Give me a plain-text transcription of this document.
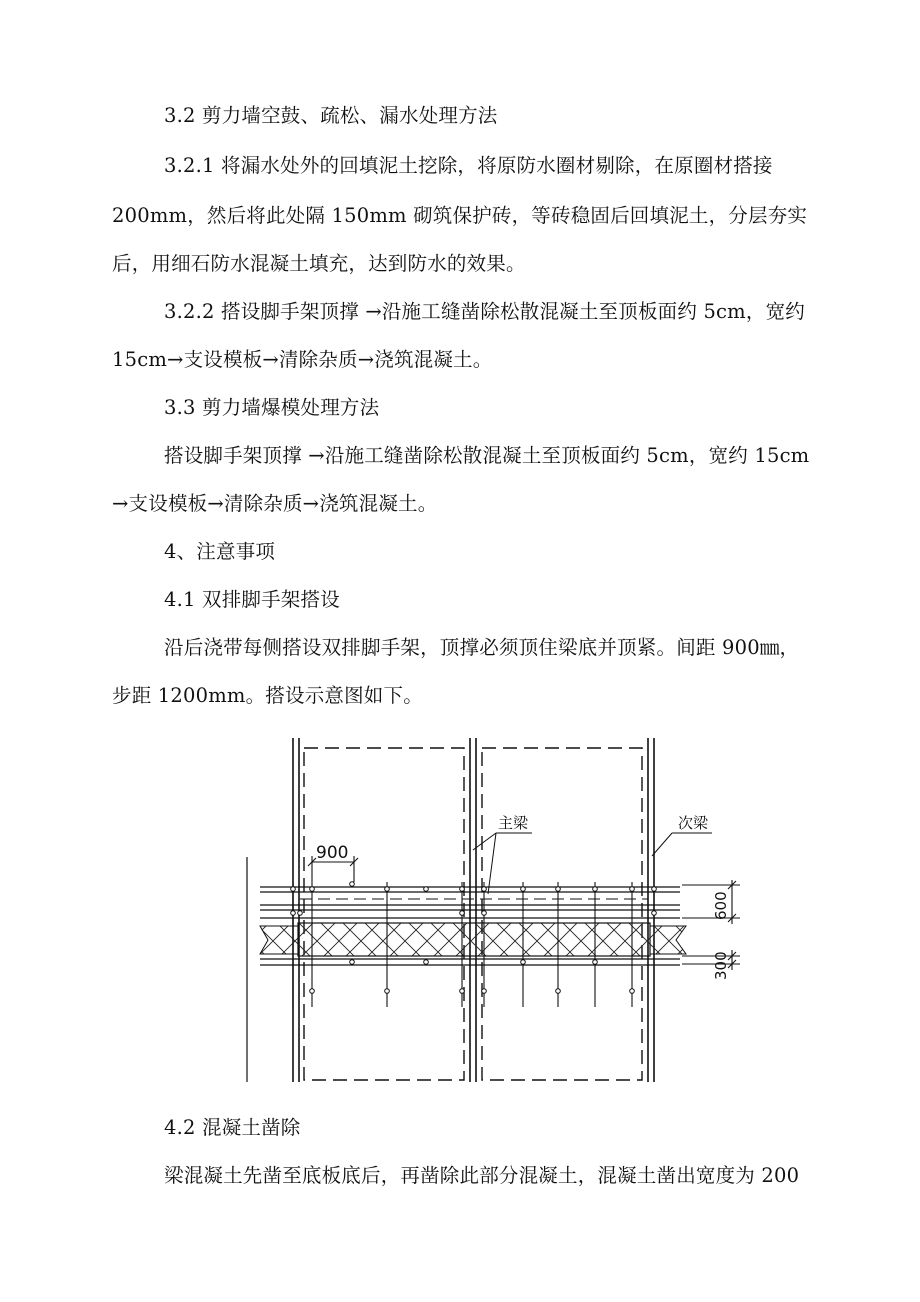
3.2 剪力墙空鼓、疏松、漏水处理方法
3.2.1 将漏水处外的回填泥土挖除，将原防水圈材剔除，在原圈材搭接
200mm，然后将此处隔 150mm 砌筑保护砖，等砖稳固后回填泥土，分层夯实
后，用细石防水混凝土填充，达到防水的效果。
3.2.2 搭设脚手架顶撑 →沿施工缝凿除松散混凝土至顶板面约 5cm，宽约
15cm→支设模板→清除杂质→浇筑混凝土。
3.3 剪力墙爆模处理方法
搭设脚手架顶撑 →沿施工缝凿除松散混凝土至顶板面约 5cm，宽约 15cm
→支设模板→清除杂质→浇筑混凝土。
4、注意事项
4.1 双排脚手架搭设
沿后浇带每侧搭设双排脚手架，顶撑必须顶住梁底并顶紧。间距 900㎜，
步距 1200mm。搭设示意图如下。
900
主梁	次梁
600
300
4.2 混凝土凿除
梁混凝土先凿至底板底后，再凿除此部分混凝土，混凝土凿出宽度为 200
